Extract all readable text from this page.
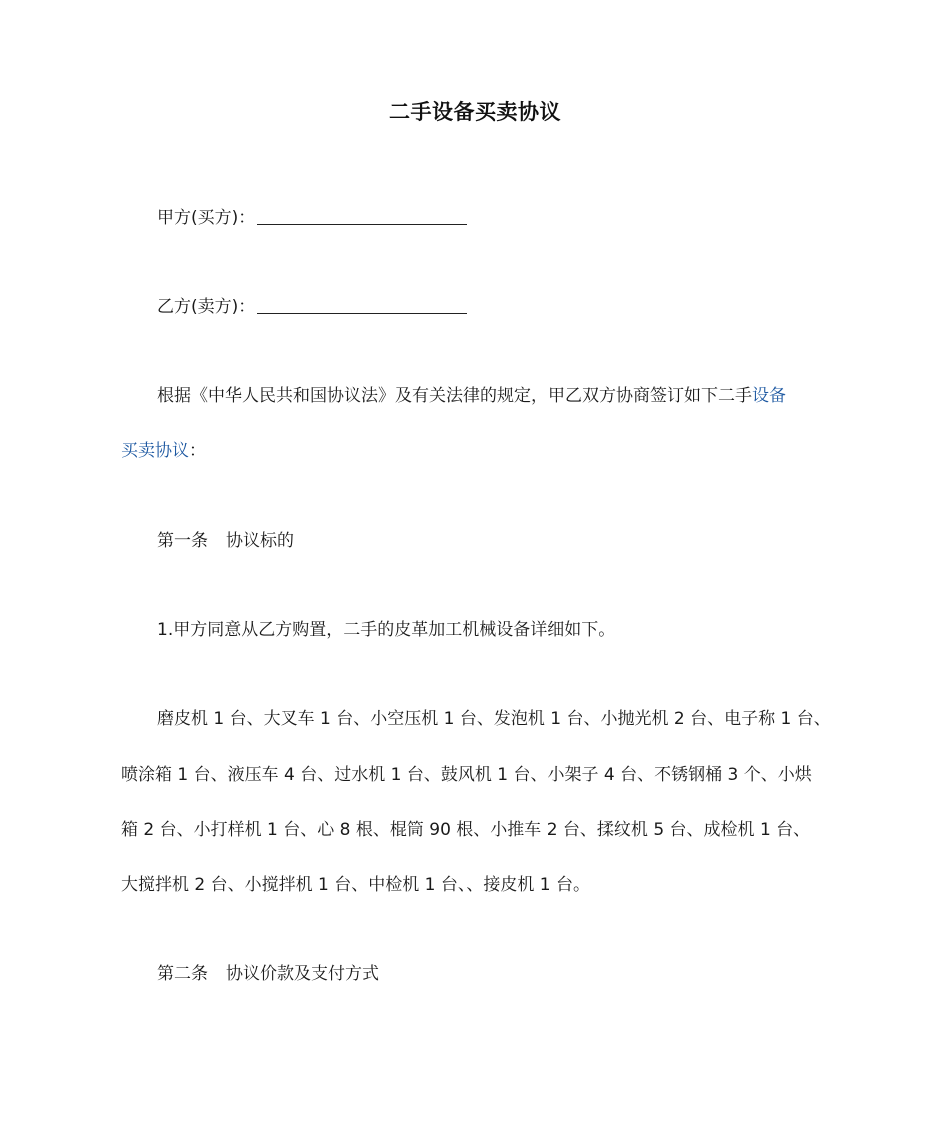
二手设备买卖协议
甲方(买方)：
乙方(卖方)：
根据《中华人民共和国协议法》及有关法律的规定，甲乙双方协商签订如下二手设备
买卖协议：
第一条 协议标的
1.甲方同意从乙方购置，二手的皮革加工机械设备详细如下。
磨皮机 1 台、大叉车 1 台、小空压机 1 台、发泡机 1 台、小抛光机 2 台、电子称 1 台、
喷涂箱 1 台、液压车 4 台、过水机 1 台、鼓风机 1 台、小架子 4 台、不锈钢桶 3 个、小烘
箱 2 台、小打样机 1 台、心 8 根、棍筒 90 根、小推车 2 台、揉纹机 5 台、成检机 1 台、
大搅拌机 2 台、小搅拌机 1 台、中检机 1 台、、接皮机 1 台。
第二条 协议价款及支付方式
